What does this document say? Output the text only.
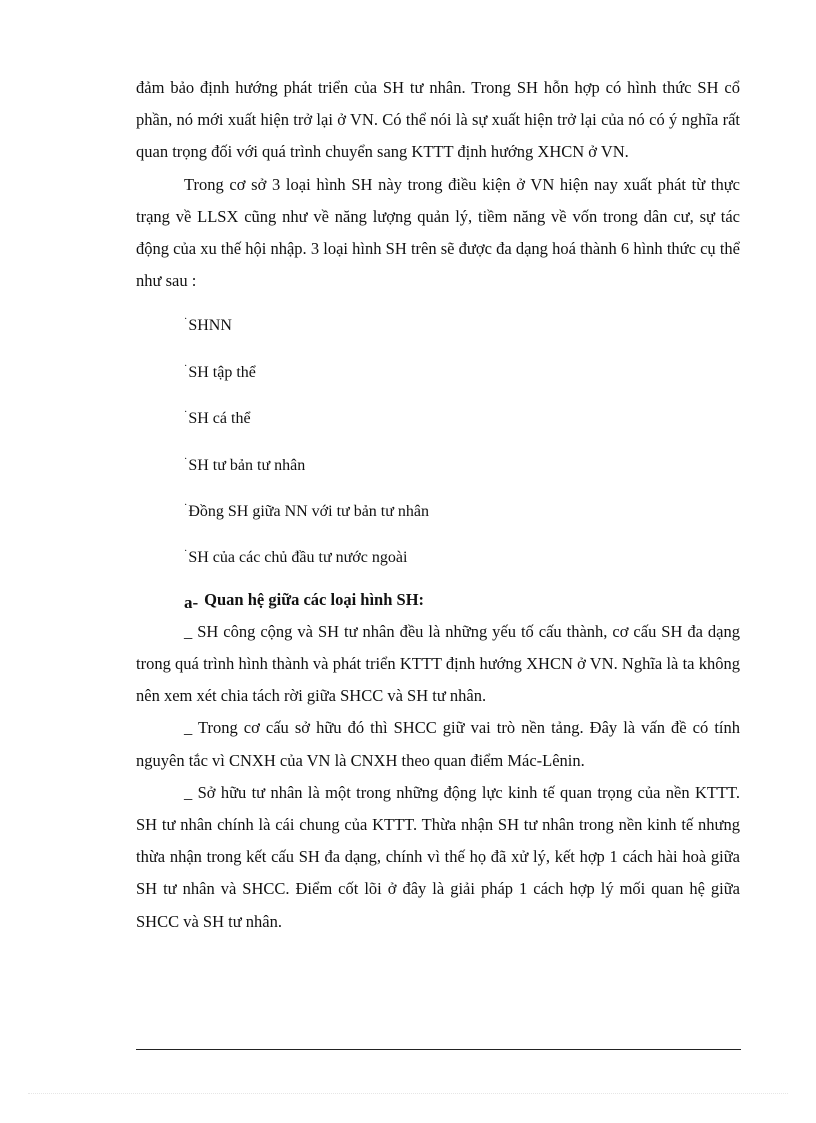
đảm bảo định hướng phát triển của SH tư nhân. Trong SH hỗn hợp có hình thức SH cổ phần, nó mới xuất hiện trở lại ở VN. Có thể nói là sự xuất hiện trở lại của nó có ý nghĩa rất quan trọng đối với quá trình chuyển sang KTTT định hướng XHCN ở VN.

Trong cơ sở 3 loại hình SH này trong điều kiện ở VN hiện nay xuất phát từ thực trạng về LLSX cũng như về năng lượng quản lý, tiềm năng về vốn trong dân cư, sự tác động của xu thế hội nhập. 3 loại hình SH trên sẽ được đa dạng hoá thành 6 hình thức cụ thể như sau :

·SHNN
·SH tập thể
·SH cá thể
·SH tư bản tư nhân
·Đồng SH giữa NN với tư bản tư nhân
·SH của các chủ đầu tư nước ngoài
a- Quan hệ giữa các loại hình SH:

_ SH công cộng và SH tư nhân đều là những yếu tố cấu thành, cơ cấu SH đa dạng trong quá trình hình thành và phát triển KTTT định hướng XHCN ở VN. Nghĩa là ta không nên xem xét chia tách rời giữa SHCC và SH tư nhân.

_ Trong cơ cấu sở hữu đó thì SHCC giữ vai trò nền tảng. Đây là vấn đề có tính nguyên tắc vì CNXH của VN là CNXH theo quan điểm Mác-Lênin.

_ Sở hữu tư nhân là một trong những động lực kinh tế quan trọng của nền KTTT. SH tư nhân chính là cái chung của KTTT. Thừa nhận SH tư nhân trong nền kinh tế nhưng thừa nhận trong kết cấu SH đa dạng, chính vì thế họ đã xử lý, kết hợp 1 cách hài hoà giữa SH tư nhân và SHCC. Điểm cốt lõi ở đây là giải pháp 1 cách hợp lý mối quan hệ giữa SHCC và SH tư nhân.
